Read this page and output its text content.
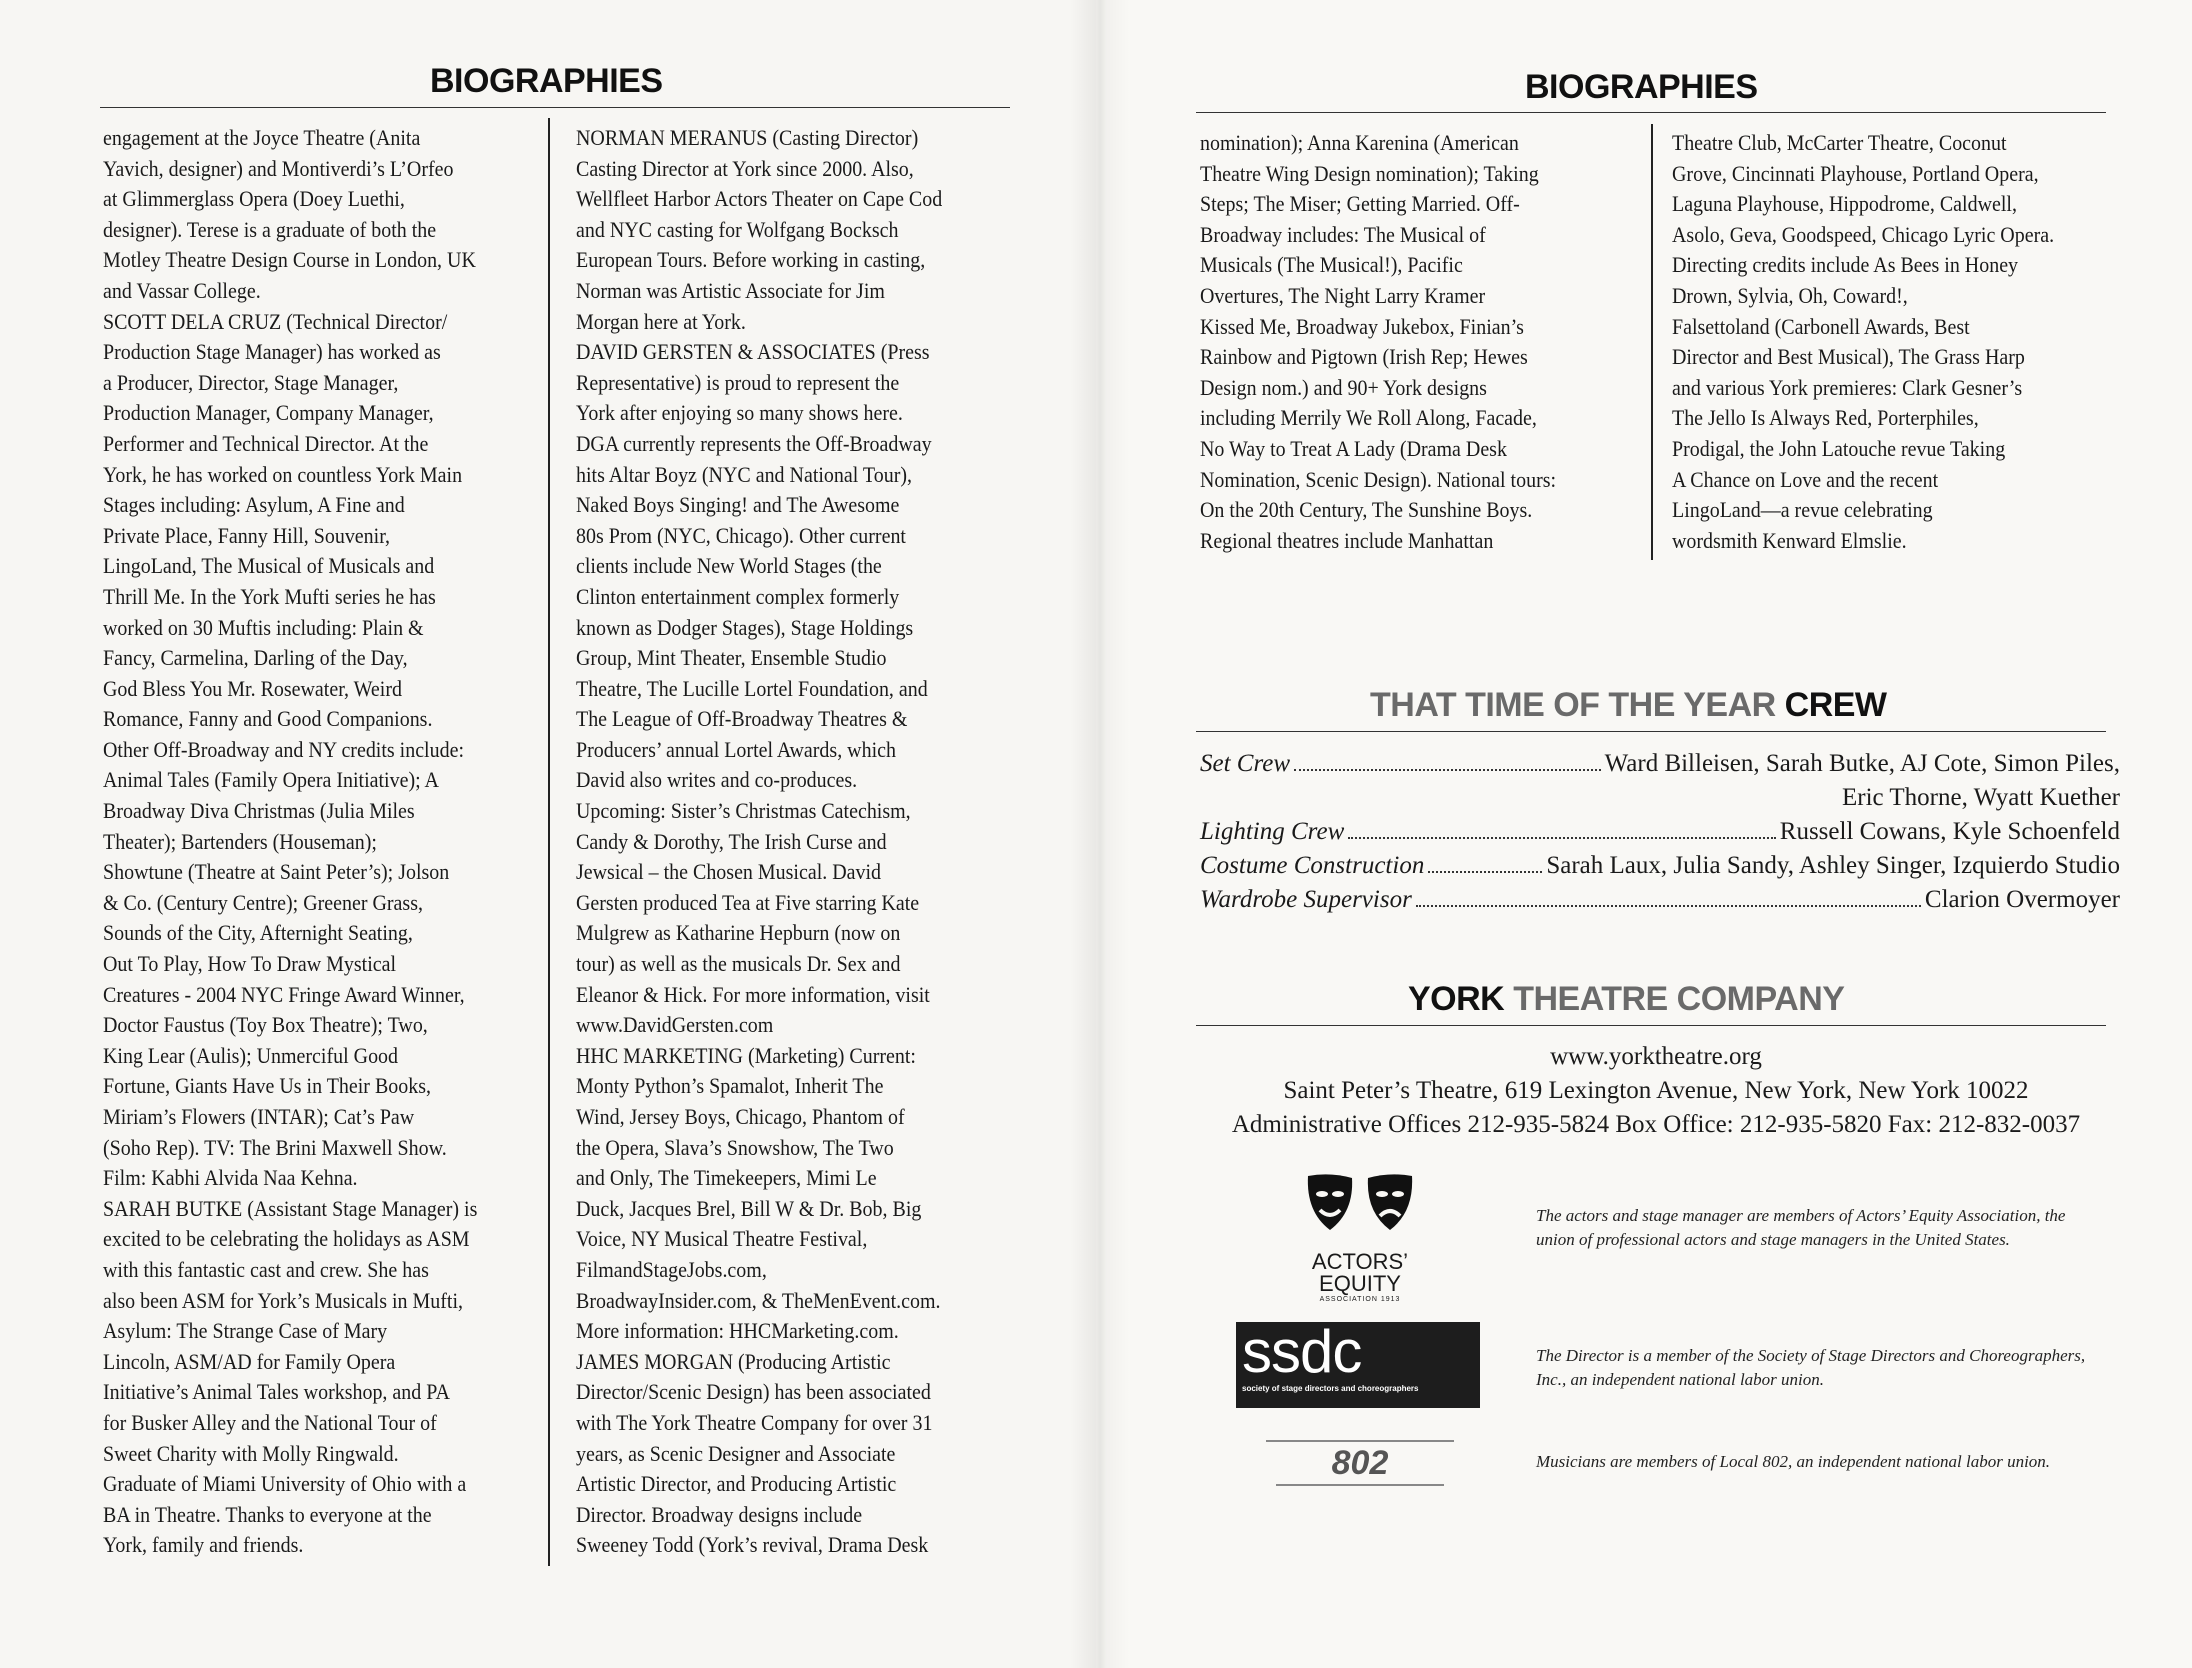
BIOGRAPHIES
engagement at the Joyce Theatre (Anita
Yavich, designer) and Montiverdi’s L’Orfeo
at Glimmerglass Opera (Doey Luethi,
designer). Terese is a graduate of both the
Motley Theatre Design Course in London, UK
and Vassar College.
SCOTT DELA CRUZ (Technical Director/
Production Stage Manager) has worked as
a Producer, Director, Stage Manager,
Production Manager, Company Manager,
Performer and Technical Director. At the
York, he has worked on countless York Main
Stages including: Asylum, A Fine and
Private Place, Fanny Hill, Souvenir,
LingoLand, The Musical of Musicals and
Thrill Me. In the York Mufti series he has
worked on 30 Muftis including: Plain &
Fancy, Carmelina, Darling of the Day,
God Bless You Mr. Rosewater, Weird
Romance, Fanny and Good Companions.
Other Off-Broadway and NY credits include:
Animal Tales (Family Opera Initiative); A
Broadway Diva Christmas (Julia Miles
Theater); Bartenders (Houseman);
Showtune (Theatre at Saint Peter’s); Jolson
& Co. (Century Centre); Greener Grass,
Sounds of the City, Afternight Seating,
Out To Play, How To Draw Mystical
Creatures - 2004 NYC Fringe Award Winner,
Doctor Faustus (Toy Box Theatre); Two,
King Lear (Aulis); Unmerciful Good
Fortune, Giants Have Us in Their Books,
Miriam’s Flowers (INTAR); Cat’s Paw
(Soho Rep). TV: The Brini Maxwell Show.
Film: Kabhi Alvida Naa Kehna.
SARAH BUTKE (Assistant Stage Manager) is
excited to be celebrating the holidays as ASM
with this fantastic cast and crew. She has
also been ASM for York’s Musicals in Mufti,
Asylum: The Strange Case of Mary
Lincoln, ASM/AD for Family Opera
Initiative’s Animal Tales workshop, and PA
for Busker Alley and the National Tour of
Sweet Charity with Molly Ringwald.
Graduate of Miami University of Ohio with a
BA in Theatre. Thanks to everyone at the
York, family and friends.
NORMAN MERANUS (Casting Director)
Casting Director at York since 2000. Also,
Wellfleet Harbor Actors Theater on Cape Cod
and NYC casting for Wolfgang Bocksch
European Tours. Before working in casting,
Norman was Artistic Associate for Jim
Morgan here at York.
DAVID GERSTEN & ASSOCIATES (Press
Representative) is proud to represent the
York after enjoying so many shows here.
DGA currently represents the Off-Broadway
hits Altar Boyz (NYC and National Tour),
Naked Boys Singing! and The Awesome
80s Prom (NYC, Chicago). Other current
clients include New World Stages (the
Clinton entertainment complex formerly
known as Dodger Stages), Stage Holdings
Group, Mint Theater, Ensemble Studio
Theatre, The Lucille Lortel Foundation, and
The League of Off-Broadway Theatres &
Producers’ annual Lortel Awards, which
David also writes and co-produces.
Upcoming: Sister’s Christmas Catechism,
Candy & Dorothy, The Irish Curse and
Jewsical – the Chosen Musical. David
Gersten produced Tea at Five starring Kate
Mulgrew as Katharine Hepburn (now on
tour) as well as the musicals Dr. Sex and
Eleanor & Hick. For more information, visit
www.DavidGersten.com
HHC MARKETING (Marketing) Current:
Monty Python’s Spamalot, Inherit The
Wind, Jersey Boys, Chicago, Phantom of
the Opera, Slava’s Snowshow, The Two
and Only, The Timekeepers, Mimi Le
Duck, Jacques Brel, Bill W & Dr. Bob, Big
Voice, NY Musical Theatre Festival,
FilmandStageJobs.com,
BroadwayInsider.com, & TheMenEvent.com.
More information: HHCMarketing.com.
JAMES MORGAN (Producing Artistic
Director/Scenic Design) has been associated
with The York Theatre Company for over 31
years, as Scenic Designer and Associate
Artistic Director, and Producing Artistic
Director. Broadway designs include
Sweeney Todd (York’s revival, Drama Desk
BIOGRAPHIES
nomination); Anna Karenina (American
Theatre Wing Design nomination); Taking
Steps; The Miser; Getting Married. Off-
Broadway includes: The Musical of
Musicals (The Musical!), Pacific
Overtures, The Night Larry Kramer
Kissed Me, Broadway Jukebox, Finian’s
Rainbow and Pigtown (Irish Rep; Hewes
Design nom.) and 90+ York designs
including Merrily We Roll Along, Facade,
No Way to Treat A Lady (Drama Desk
Nomination, Scenic Design). National tours:
On the 20th Century, The Sunshine Boys.
Regional theatres include Manhattan
Theatre Club, McCarter Theatre, Coconut
Grove, Cincinnati Playhouse, Portland Opera,
Laguna Playhouse, Hippodrome, Caldwell,
Asolo, Geva, Goodspeed, Chicago Lyric Opera.
Directing credits include As Bees in Honey
Drown, Sylvia, Oh, Coward!,
Falsettoland (Carbonell Awards, Best
Director and Best Musical), The Grass Harp
and various York premieres: Clark Gesner’s
The Jello Is Always Red, Porterphiles,
Prodigal, the John Latouche revue Taking
A Chance on Love and the recent
LingoLand—a revue celebrating
wordsmith Kenward Elmslie.
THAT TIME OF THE YEAR CREW
Set Crew	Ward Billeisen, Sarah Butke, AJ Cote, Simon Piles,
Eric Thorne, Wyatt Kuether
Lighting Crew	Russell Cowans, Kyle Schoenfeld
Costume Construction	Sarah Laux, Julia Sandy, Ashley Singer, Izquierdo Studio
Wardrobe Supervisor	Clarion Overmoyer
YORK THEATRE COMPANY
www.yorktheatre.org
Saint Peter’s Theatre, 619 Lexington Avenue, New York, New York 10022
Administrative Offices 212-935-5824 Box Office: 212-935-5820 Fax: 212-832-0037
ACTORS’
EQUITY
ASSOCIATION 1913
The actors and stage manager are members of Actors’ Equity Association, the union of professional actors and stage managers in the United States.
ssdc
society of stage directors and choreographers
The Director is a member of the Society of Stage Directors and Choreographers, Inc., an independent national labor union.
802	Musicians are members of Local 802, an independent national labor union.
